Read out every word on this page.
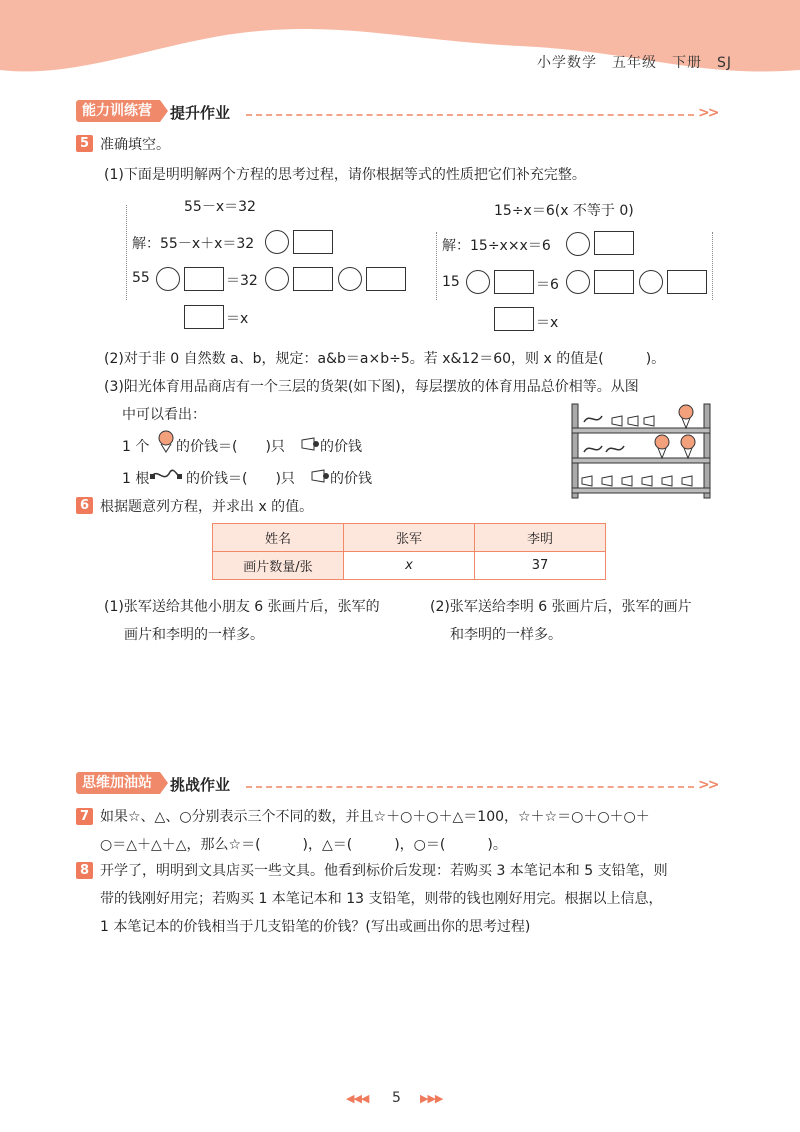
小学数学　五年级　下册　SJ
能力训练营	提升作业	>>
5 准确填空。
(1)下面是明明解两个方程的思考过程，请你根据等式的性质把它们补充完整。
55－x＝32
解：55－x＋x＝32
55	＝32
＝x
15÷x＝6(x 不等于 0)
解：15÷x×x＝6
15	＝6
＝x
(2)对于非 0 自然数 a、b，规定：a&b＝a×b÷5。若 x&12＝60，则 x 的值是(　　　)。
(3)阳光体育用品商店有一个三层的货架(如下图)，每层摆放的体育用品总价相等。从图
中可以看出：
1 个 的价钱＝(　　)只	的价钱
1 根	的价钱＝(　　)只	的价钱
6 根据题意列方程，并求出 x 的值。
姓名	张军	李明
画片数量/张	x	37
(1)张军送给其他小朋友 6 张画片后，张军的
画片和李明的一样多。
(2)张军送给李明 6 张画片后，张军的画片
和李明的一样多。
思维加油站	挑战作业	>>
7 如果☆、△、○分别表示三个不同的数，并且☆＋○＋○＋△＝100，☆＋☆＝○＋○＋○＋
○＝△＋△＋△，那么☆＝(　　　)，△＝(　　　)，○＝(　　　)。
8 开学了，明明到文具店买一些文具。他看到标价后发现：若购买 3 本笔记本和 5 支铅笔，则
带的钱刚好用完；若购买 1 本笔记本和 13 支铅笔，则带的钱也刚好用完。根据以上信息，
1 本笔记本的价钱相当于几支铅笔的价钱？(写出或画出你的思考过程)
◀◀◀ 5 ▶▶▶
